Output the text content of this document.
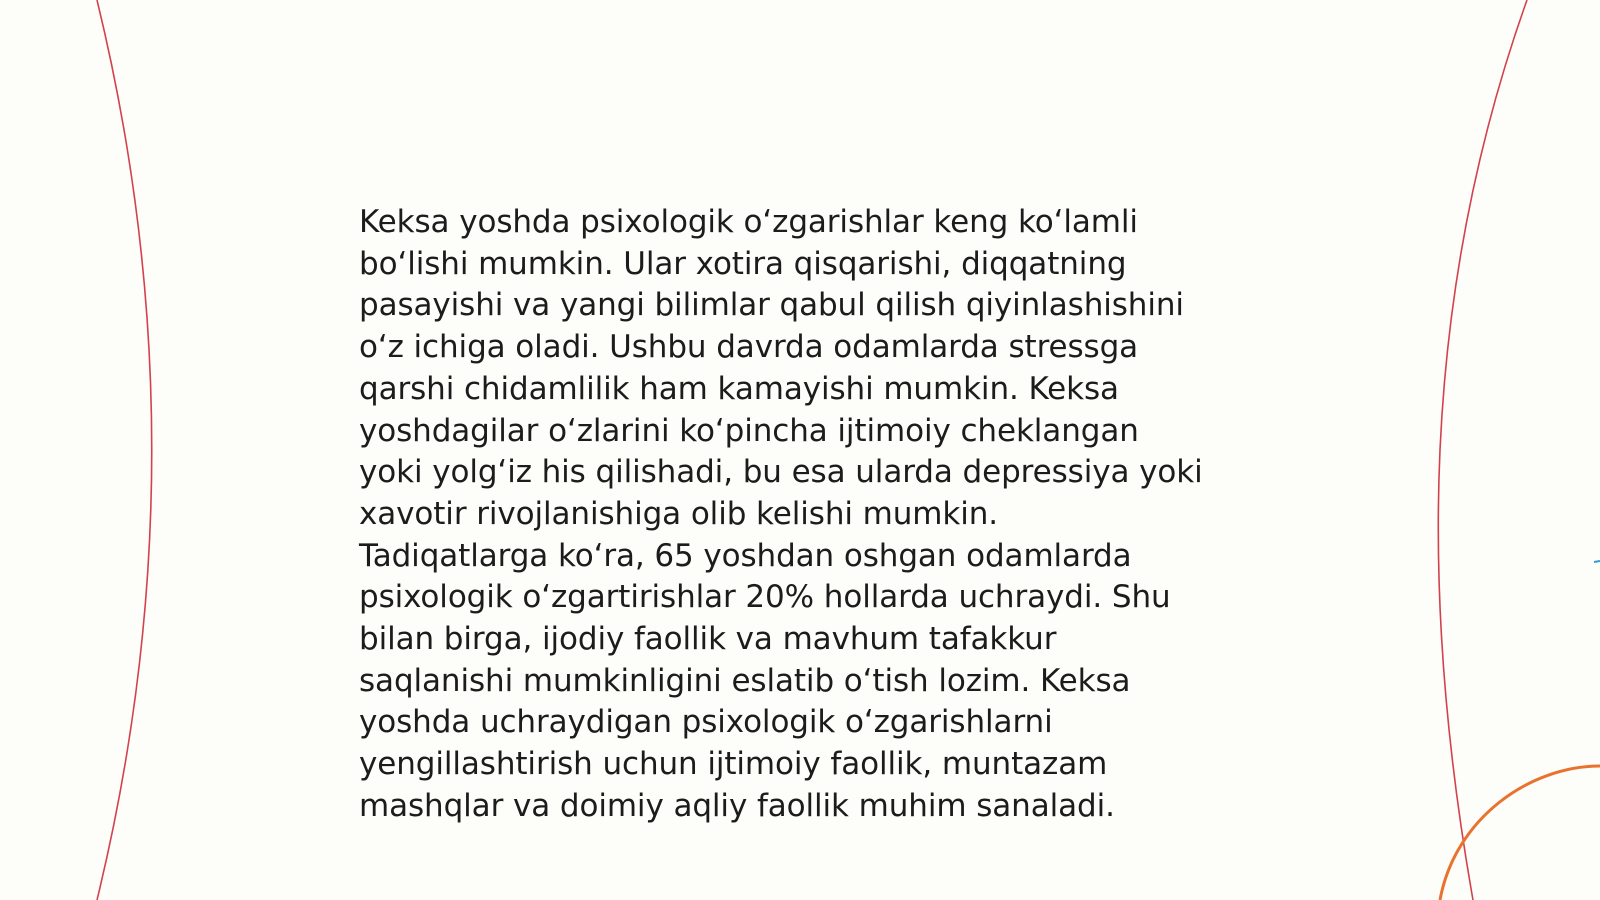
Keksa yoshda psixologik oʻzgarishlar keng koʻlamli
boʻlishi mumkin. Ular xotira qisqarishi, diqqatning
pasayishi va yangi bilimlar qabul qilish qiyinlashishini
oʻz ichiga oladi. Ushbu davrda odamlarda stressga
qarshi chidamlilik ham kamayishi mumkin. Keksa
yoshdagilar oʻzlarini koʻpincha ijtimoiy cheklangan
yoki yolgʻiz his qilishadi, bu esa ularda depressiya yoki
xavotir rivojlanishiga olib kelishi mumkin.
Tadiqatlarga koʻra, 65 yoshdan oshgan odamlarda
psixologik oʻzgartirishlar 20% hollarda uchraydi. Shu
bilan birga, ijodiy faollik va mavhum tafakkur
saqlanishi mumkinligini eslatib oʻtish lozim. Keksa
yoshda uchraydigan psixologik oʻzgarishlarni
yengillashtirish uchun ijtimoiy faollik, muntazam
mashqlar va doimiy aqliy faollik muhim sanaladi.
